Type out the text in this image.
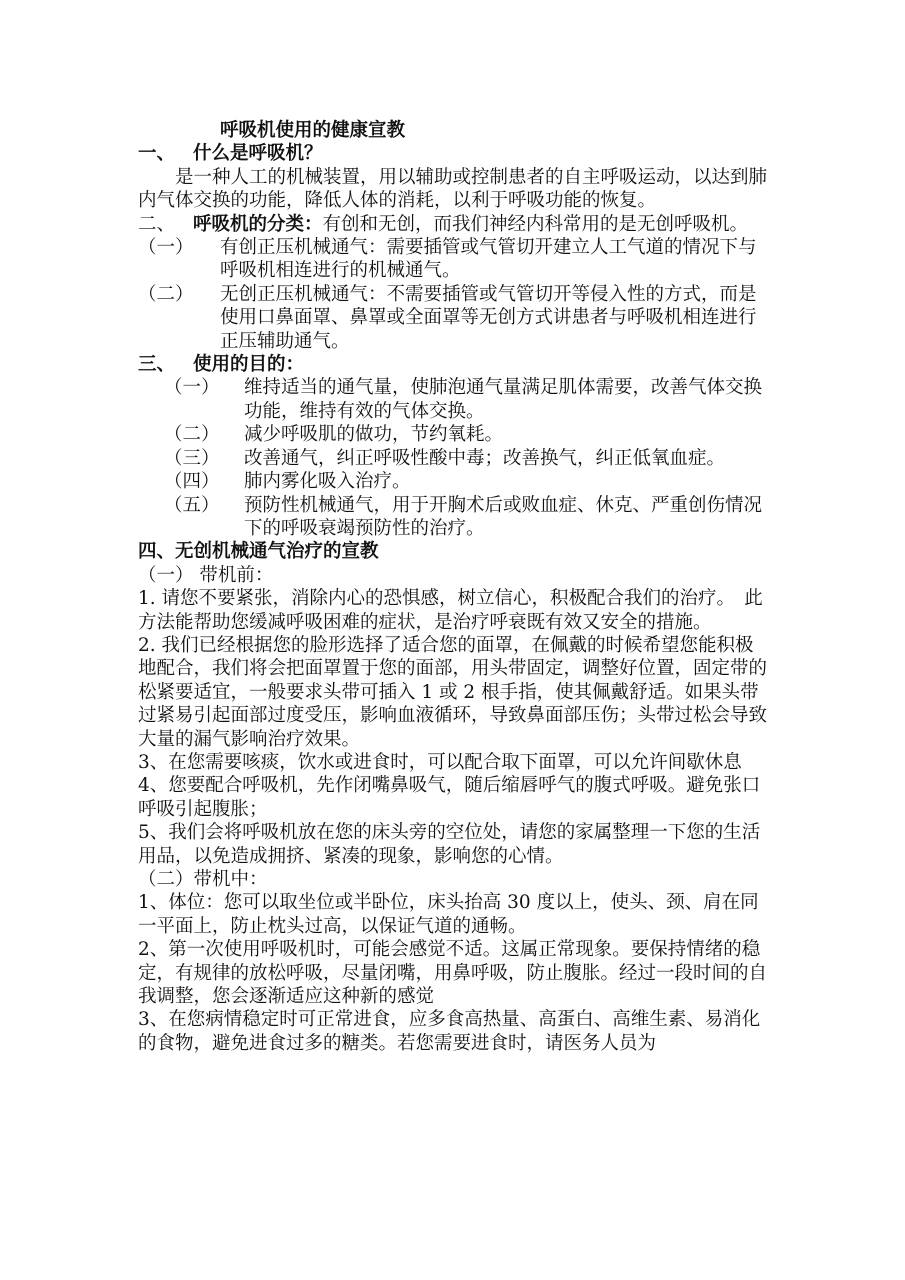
呼吸机使用的健康宣教

一、 什么是呼吸机？

是一种人工的机械装置，用以辅助或控制患者的自主呼吸运动，以达到肺内气体交换的功能，降低人体的消耗，以利于呼吸功能的恢复。

二、 呼吸机的分类：有创和无创，而我们神经内科常用的是无创呼吸机。
（一）	有创正压机械通气：需要插管或气管切开建立人工气道的情况下与呼吸机相连进行的机械通气。
（二）	无创正压机械通气：不需要插管或气管切开等侵入性的方式，而是使用口鼻面罩、鼻罩或全面罩等无创方式讲患者与呼吸机相连进行正压辅助通气。
三、 使用的目的：
（一）	维持适当的通气量，使肺泡通气量满足肌体需要，改善气体交换功能，维持有效的气体交换。
（二）	减少呼吸肌的做功，节约氧耗。
（三）	改善通气，纠正呼吸性酸中毒；改善换气，纠正低氧血症。
（四）	肺内雾化吸入治疗。
（五）	预防性机械通气，用于开胸术后或败血症、休克、严重创伤情况下的呼吸衰竭预防性的治疗。

四、无创机械通气治疗的宣教

（一） 带机前：

1. 请您不要紧张，消除内心的恐惧感，树立信心，积极配合我们的治疗。　此方法能帮助您缓减呼吸困难的症状，是治疗呼衰既有效又安全的措施。

2. 我们已经根据您的脸形选择了适合您的面罩，在佩戴的时候希望您能积极地配合，我们将会把面罩置于您的面部，用头带固定，调整好位置，固定带的松紧要适宜，一般要求头带可插入 1 或 2 根手指，使其佩戴舒适。如果头带过紧易引起面部过度受压，影响血液循环，导致鼻面部压伤；头带过松会导致大量的漏气影响治疗效果。

3、在您需要咳痰，饮水或进食时，可以配合取下面罩，可以允许间歇休息

4、您要配合呼吸机，先作闭嘴鼻吸气，随后缩唇呼气的腹式呼吸。避免张口呼吸引起腹胀；

5、我们会将呼吸机放在您的床头旁的空位处，请您的家属整理一下您的生活用品，以免造成拥挤、紧凑的现象，影响您的心情。

（二）带机中：

1、体位：您可以取坐位或半卧位，床头抬高 30 度以上，使头、颈、肩在同一平面上，防止枕头过高，以保证气道的通畅。

2、第一次使用呼吸机时，可能会感觉不适。这属正常现象。要保持情绪的稳定，有规律的放松呼吸，尽量闭嘴，用鼻呼吸，防止腹胀。经过一段时间的自我调整，您会逐渐适应这种新的感觉

3、在您病情稳定时可正常进食，应多食高热量、高蛋白、高维生素、易消化的食物，避免进食过多的糖类。若您需要进食时，请医务人员为
